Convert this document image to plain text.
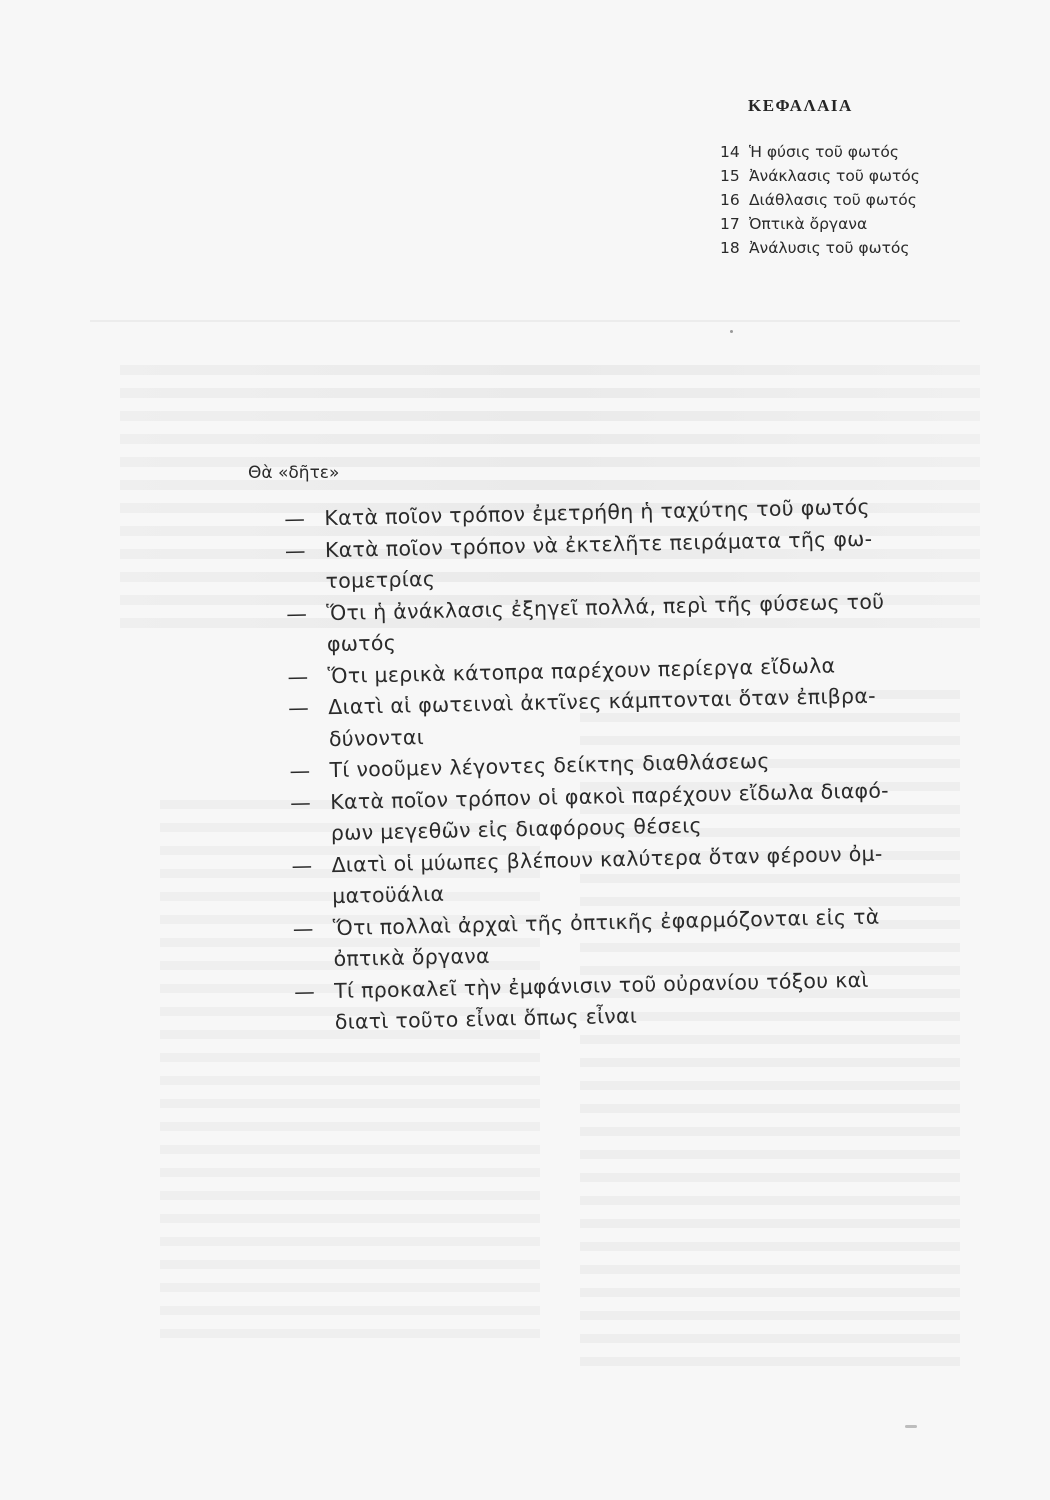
ΚΕΦΑΛΑΙΑ
14 Ἡ φύσις τοῦ φωτός
15 Ἀνάκλασις τοῦ φωτός
16 Διάθλασις τοῦ φωτός
17 Ὀπτικὰ ὄργανα
18 Ἀνάλυσις τοῦ φωτός
Θὰ «δῆτε»
— Κατὰ ποῖον τρόπον ἐμετρήθη ἡ ταχύτης τοῦ φωτός
— Κατὰ ποῖον τρόπον νὰ ἐκτελῆτε πειράματα τῆς φω-
τομετρίας
— Ὅτι ἡ ἀνάκλασις ἐξηγεῖ πολλά, περὶ τῆς φύσεως τοῦ
φωτός
— Ὅτι μερικὰ κάτοπρα παρέχουν περίεργα εἴδωλα
— Διατὶ αἱ φωτειναὶ ἀκτῖνες κάμπτονται ὅταν ἐπιβρα-
δύνονται
— Τί νοοῦμεν λέγοντες δείκτης διαθλάσεως
— Κατὰ ποῖον τρόπον οἱ φακοὶ παρέχουν εἴδωλα διαφό-
ρων μεγεθῶν εἰς διαφόρους θέσεις
— Διατὶ οἱ μύωπες βλέπουν καλύτερα ὅταν φέρουν ὀμ-
ματοϋάλια
— Ὅτι πολλαὶ ἀρχαὶ τῆς ὀπτικῆς ἐφαρμόζονται εἰς τὰ
ὀπτικὰ ὄργανα
— Τί προκαλεῖ τὴν ἐμφάνισιν τοῦ οὐρανίου τόξου καὶ
διατὶ τοῦτο εἶναι ὅπως εἶναι
